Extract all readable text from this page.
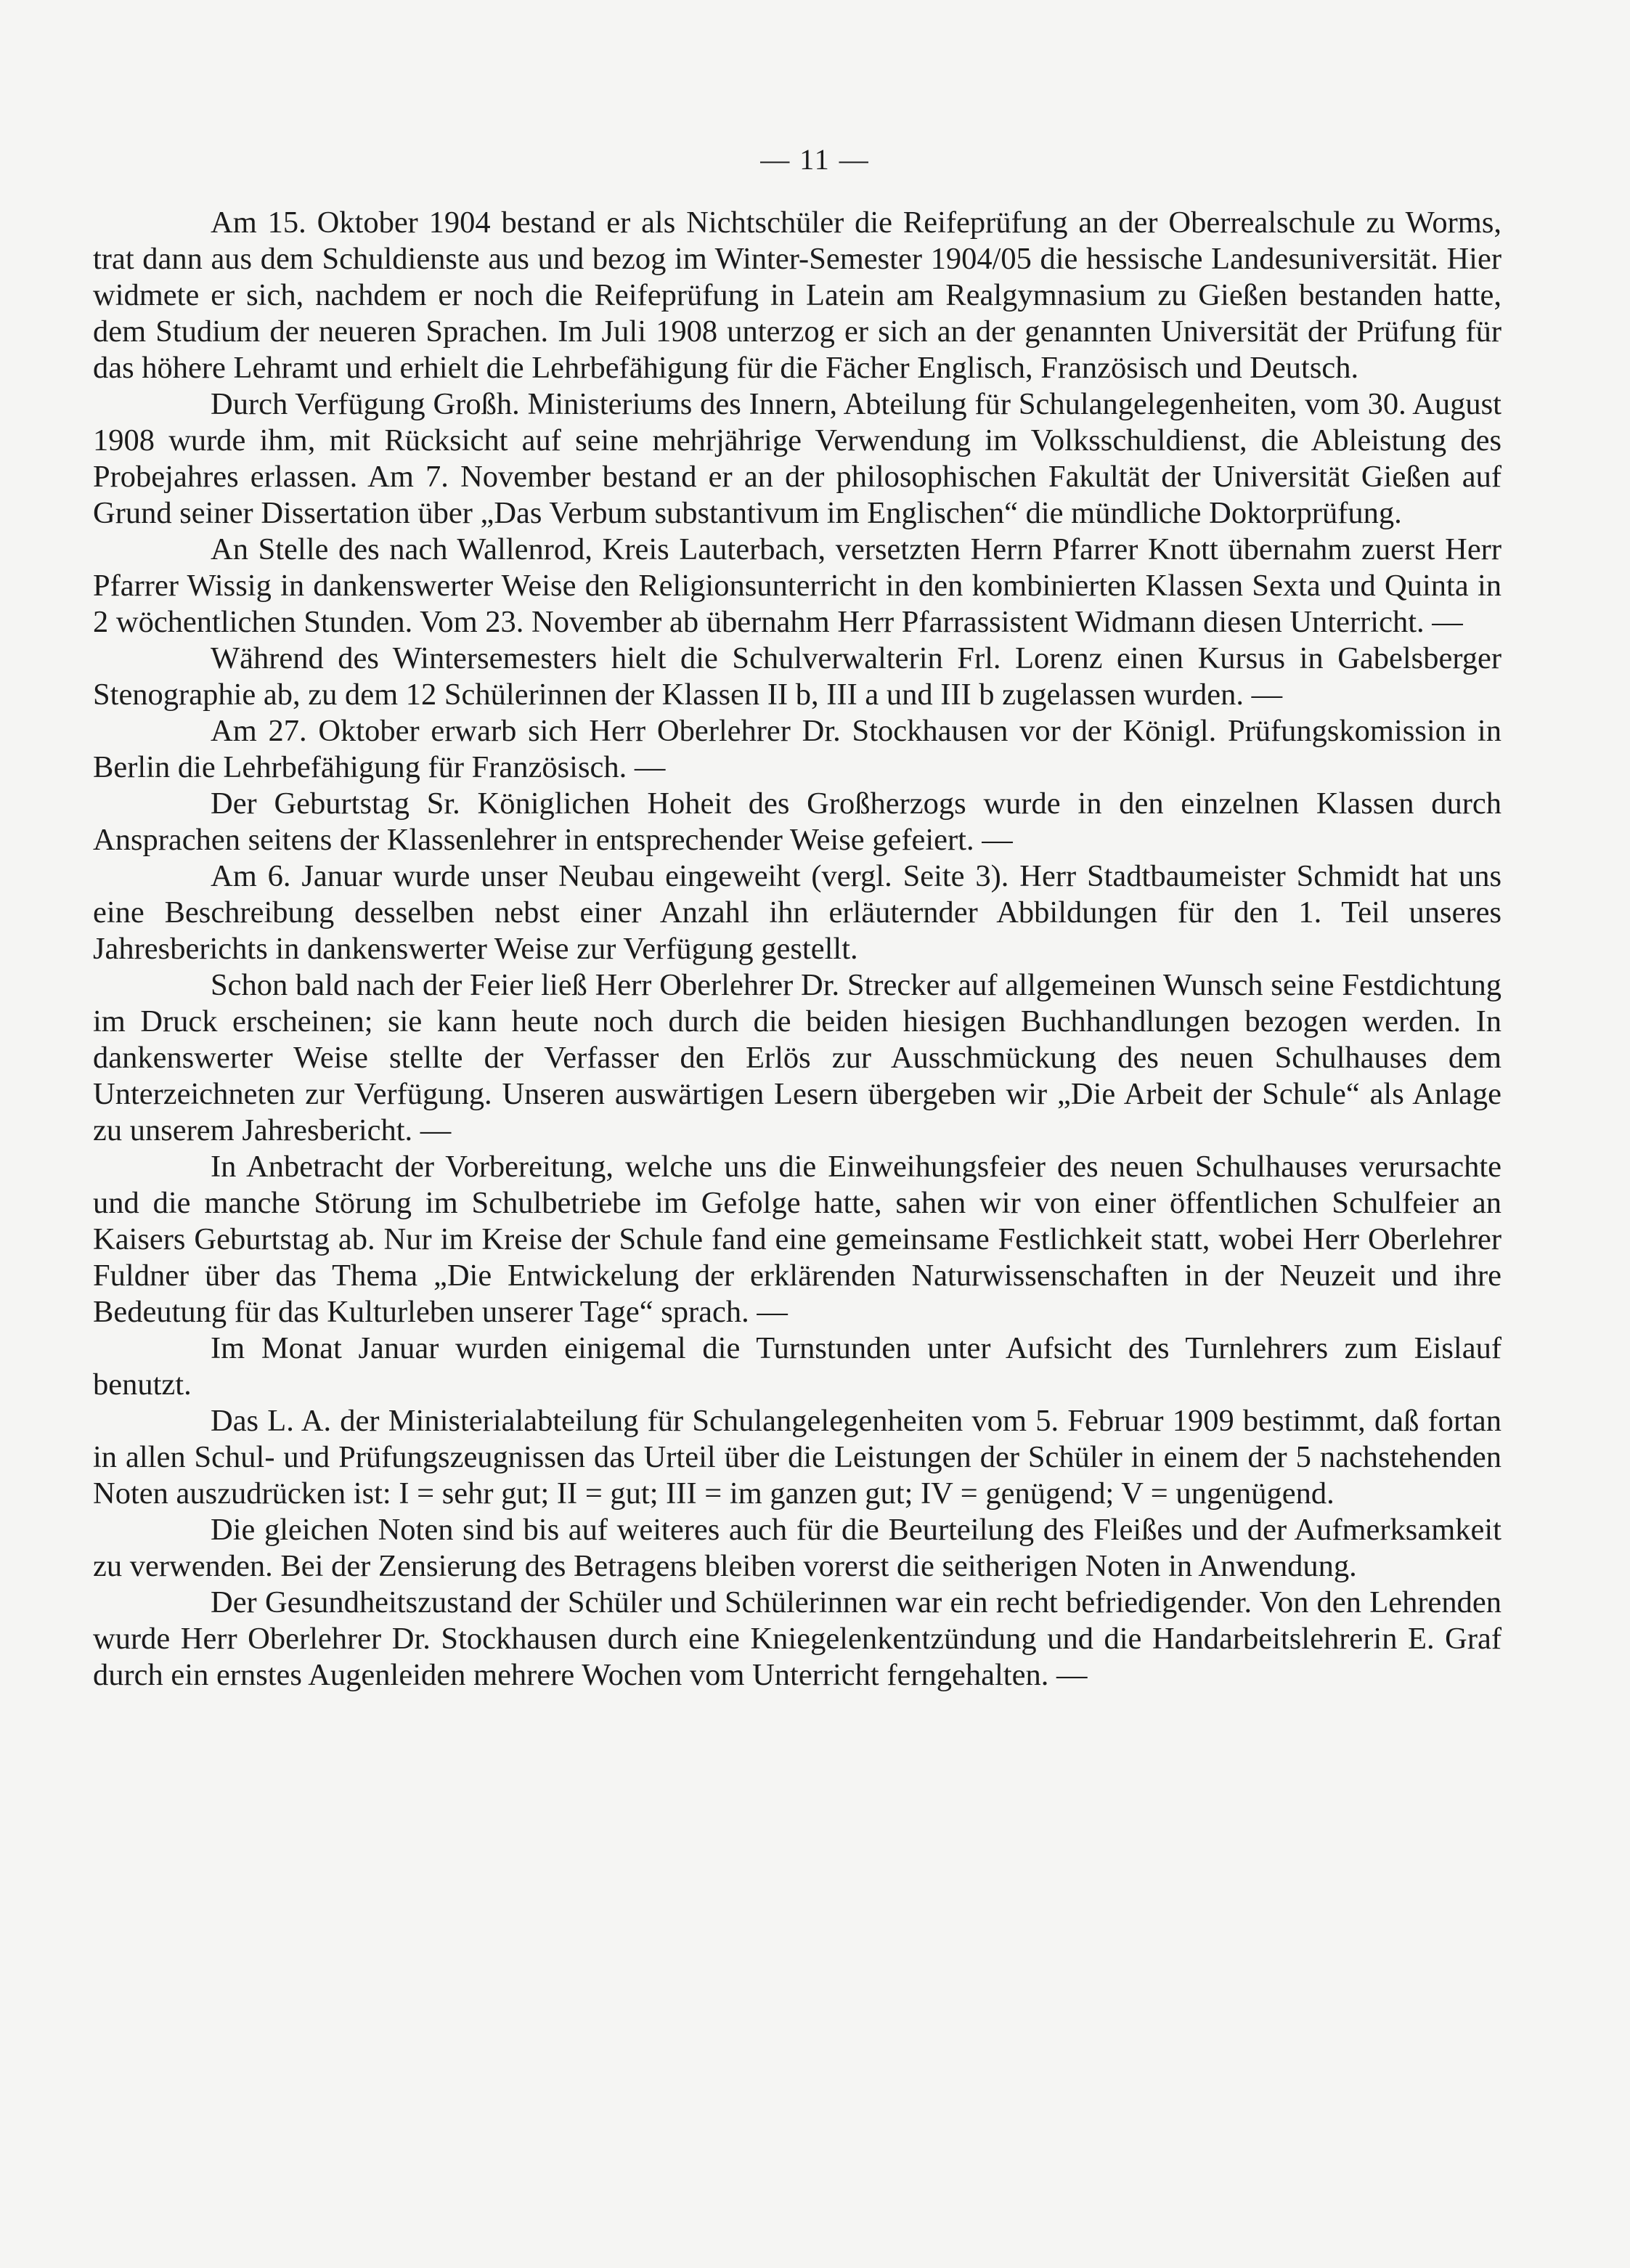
— 11 —

Am 15. Oktober 1904 bestand er als Nichtschüler die Reifeprüfung an der Oberrealschule zu Worms, trat dann aus dem Schuldienste aus und bezog im Winter-Semester 1904/05 die hessische Landesuniversität. Hier widmete er sich, nachdem er noch die Reifeprüfung in Latein am Realgymnasium zu Gießen bestanden hatte, dem Studium der neueren Sprachen. Im Juli 1908 unterzog er sich an der genannten Universität der Prüfung für das höhere Lehramt und erhielt die Lehrbefähigung für die Fächer Englisch, Französisch und Deutsch.

Durch Verfügung Großh. Ministeriums des Innern, Abteilung für Schulangelegenheiten, vom 30. August 1908 wurde ihm, mit Rücksicht auf seine mehrjährige Verwendung im Volksschuldienst, die Ableistung des Probejahres erlassen. Am 7. November bestand er an der philosophischen Fakultät der Universität Gießen auf Grund seiner Dissertation über „Das Verbum substantivum im Englischen“ die mündliche Doktorprüfung.

An Stelle des nach Wallenrod, Kreis Lauterbach, versetzten Herrn Pfarrer Knott übernahm zuerst Herr Pfarrer Wissig in dankenswerter Weise den Religionsunterricht in den kombinierten Klassen Sexta und Quinta in 2 wöchentlichen Stunden. Vom 23. November ab übernahm Herr Pfarrassistent Widmann diesen Unterricht. —

Während des Wintersemesters hielt die Schulverwalterin Frl. Lorenz einen Kursus in Gabelsberger Stenographie ab, zu dem 12 Schülerinnen der Klassen II b, III a und III b zugelassen wurden. —

Am 27. Oktober erwarb sich Herr Oberlehrer Dr. Stockhausen vor der Königl. Prüfungskomission in Berlin die Lehrbefähigung für Französisch. —

Der Geburtstag Sr. Königlichen Hoheit des Großherzogs wurde in den einzelnen Klassen durch Ansprachen seitens der Klassenlehrer in entsprechender Weise gefeiert. —

Am 6. Januar wurde unser Neubau eingeweiht (vergl. Seite 3). Herr Stadtbaumeister Schmidt hat uns eine Beschreibung desselben nebst einer Anzahl ihn erläuternder Abbildungen für den 1. Teil unseres Jahresberichts in dankenswerter Weise zur Verfügung gestellt.

Schon bald nach der Feier ließ Herr Oberlehrer Dr. Strecker auf allgemeinen Wunsch seine Festdichtung im Druck erscheinen; sie kann heute noch durch die beiden hiesigen Buchhandlungen bezogen werden. In dankenswerter Weise stellte der Verfasser den Erlös zur Ausschmückung des neuen Schulhauses dem Unterzeichneten zur Verfügung. Unseren auswärtigen Lesern übergeben wir „Die Arbeit der Schule“ als Anlage zu unserem Jahresbericht. —

In Anbetracht der Vorbereitung, welche uns die Einweihungsfeier des neuen Schulhauses verursachte und die manche Störung im Schulbetriebe im Gefolge hatte, sahen wir von einer öffentlichen Schulfeier an Kaisers Geburtstag ab. Nur im Kreise der Schule fand eine gemeinsame Festlichkeit statt, wobei Herr Oberlehrer Fuldner über das Thema „Die Entwickelung der erklärenden Naturwissenschaften in der Neuzeit und ihre Bedeutung für das Kulturleben unserer Tage“ sprach. —

Im Monat Januar wurden einigemal die Turnstunden unter Aufsicht des Turnlehrers zum Eislauf benutzt.

Das L. A. der Ministerialabteilung für Schulangelegenheiten vom 5. Februar 1909 bestimmt, daß fortan in allen Schul- und Prüfungszeugnissen das Urteil über die Leistungen der Schüler in einem der 5 nachstehenden Noten auszudrücken ist: I = sehr gut; II = gut; III = im ganzen gut; IV = genügend; V = ungenügend.

Die gleichen Noten sind bis auf weiteres auch für die Beurteilung des Fleißes und der Aufmerksamkeit zu verwenden. Bei der Zensierung des Betragens bleiben vorerst die seitherigen Noten in Anwendung.

Der Gesundheitszustand der Schüler und Schülerinnen war ein recht befriedigender. Von den Lehrenden wurde Herr Oberlehrer Dr. Stockhausen durch eine Kniegelenkentzündung und die Handarbeitslehrerin E. Graf durch ein ernstes Augenleiden mehrere Wochen vom Unterricht ferngehalten. —
